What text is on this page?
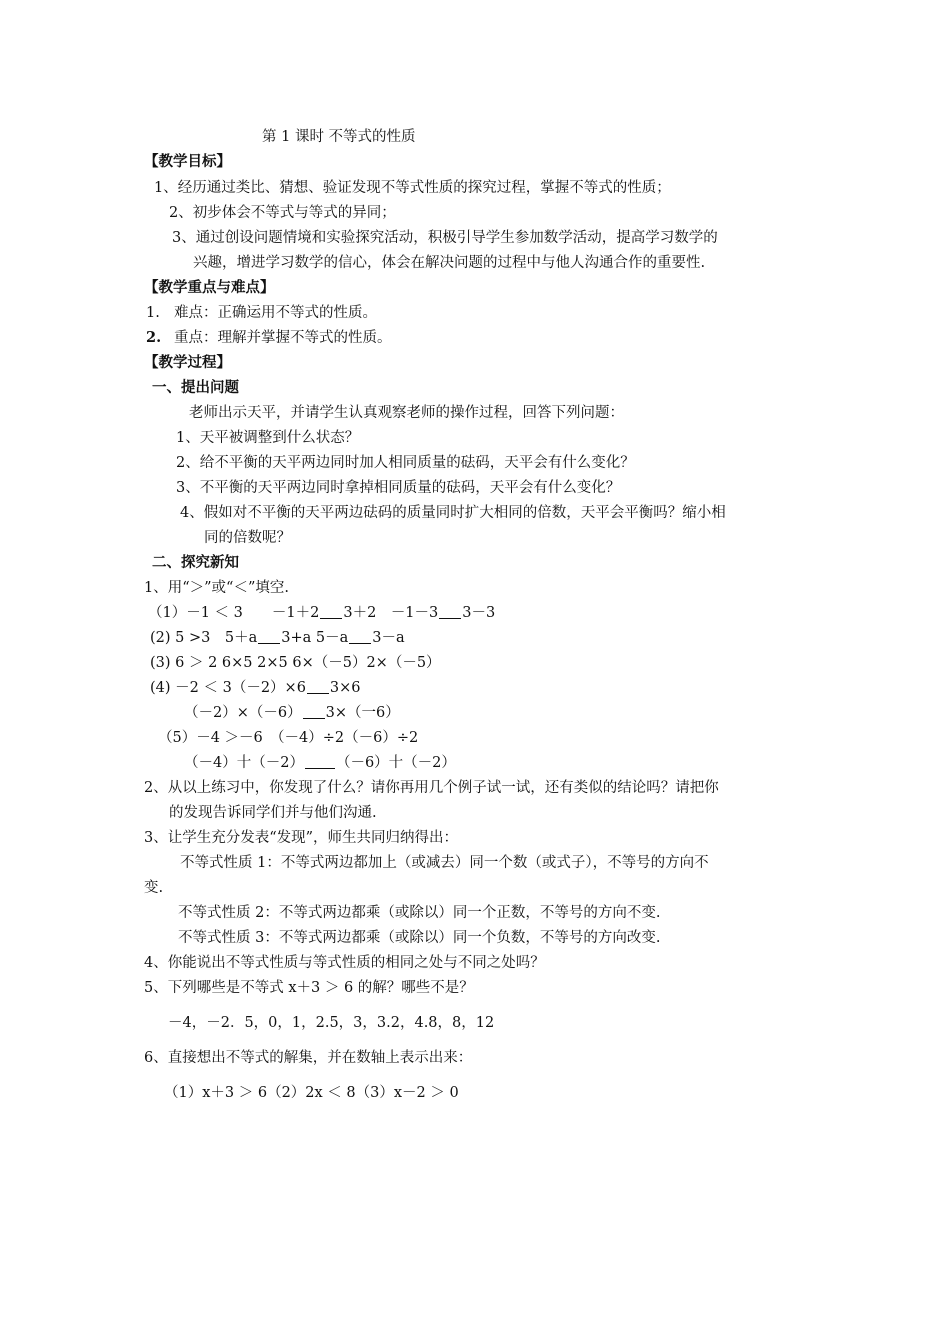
第 1 课时 不等式的性质
【教学目标】
1、经历通过类比、猜想、验证发现不等式性质的探究过程，掌握不等式的性质；
2、初步体会不等式与等式的异同；
3、通过创设问题情境和实验探究活动，积极引导学生参加数学活动，提高学习数学的
兴趣，增进学习数学的信心，体会在解决问题的过程中与他人沟通合作的重要性.
【教学重点与难点】
1. 难点：正确运用不等式的性质。
2. 重点：理解并掌握不等式的性质。
【教学过程】
一、提出问题
老师出示天平，并请学生认真观察老师的操作过程，回答下列问题：
1、天平被调整到什么状态？
2、给不平衡的天平两边同时加人相同质量的砝码，天平会有什么变化？
3、不平衡的天平两边同时拿掉相同质量的砝码，天平会有什么变化？
4、假如对不平衡的天平两边砝码的质量同时扩大相同的倍数，天平会平衡吗？缩小相
同的倍数呢？
二、探究新知
1、用“＞”或“＜”填空.
（1）－1 ＜ 3　　 －1＋2 3＋2　 －1－3 3－3
(2) 5 >3　 5＋a 3+a 5－a 3－a
(3) 6 ＞ 2 6×5 2×5 6×（－5）2×（－5）
(4) －2 ＜ 3（－2）×6 3×6
（－2）×（－6） 3×（一6）
（5）－4 ＞－6　（－4）÷2（－6）÷2
（－4）十（－2） （－6）十（－2）
2、从以上练习中，你发现了什么？请你再用几个例子试一试，还有类似的结论吗？请把你
的发现告诉同学们并与他们沟通.
3、让学生充分发表“发现”，师生共同归纳得出：
不等式性质 1：不等式两边都加上（或减去）同一个数（或式子），不等号的方向不
变.
不等式性质 2：不等式两边都乘（或除以）同一个正数，不等号的方向不变.
不等式性质 3：不等式两边都乘（或除以）同一个负数，不等号的方向改变.
4、你能说出不等式性质与等式性质的相同之处与不同之处吗？
5、下列哪些是不等式 x＋3 ＞ 6 的解？哪些不是？
－4，－2．5，0，1，2.5，3，3.2，4.8，8，12
6、直接想出不等式的解集，并在数轴上表示出来：
（1）x＋3 ＞ 6（2）2x ＜ 8（3）x－2 ＞ 0
